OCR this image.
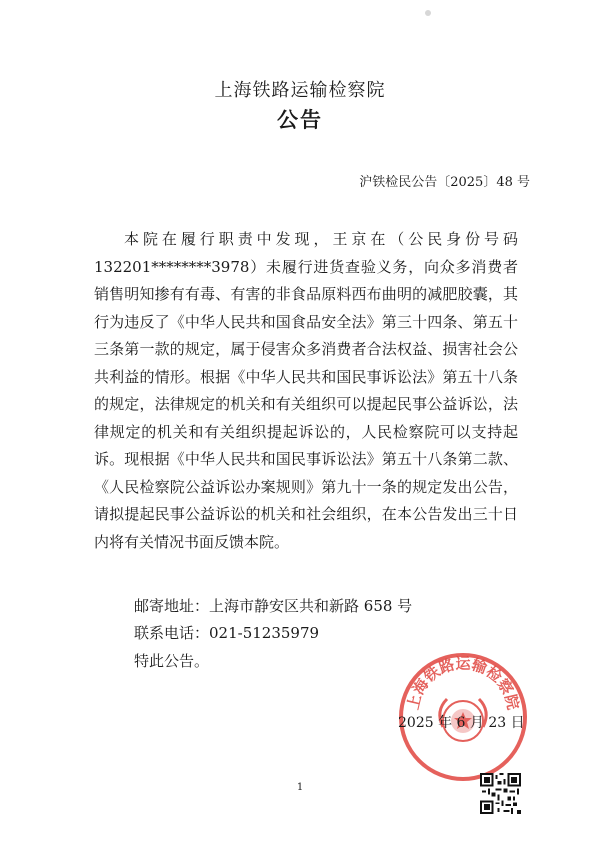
上海铁路运输检察院
公告
沪铁检民公告〔2025〕48 号
本院在履行职责中发现，王京在（公民身份号码132201********3978）未履行进货查验义务，向众多消费者销售明知掺有有毒、有害的非食品原料西布曲明的减肥胶囊，其行为违反了《中华人民共和国食品安全法》第三十四条、第五十三条第一款的规定，属于侵害众多消费者合法权益、损害社会公共利益的情形。根据《中华人民共和国民事诉讼法》第五十八条的规定，法律规定的机关和有关组织可以提起民事公益诉讼，法律规定的机关和有关组织提起诉讼的，人民检察院可以支持起诉。现根据《中华人民共和国民事诉讼法》第五十八条第二款、《人民检察院公益诉讼办案规则》第九十一条的规定发出公告，请拟提起民事公益诉讼的机关和社会组织，在本公告发出三十日内将有关情况书面反馈本院。
邮寄地址：上海市静安区共和新路 658 号
联系电话：021-51235979
特此公告。
上海铁路运输检察院
2025 年 6 月 23 日
1
